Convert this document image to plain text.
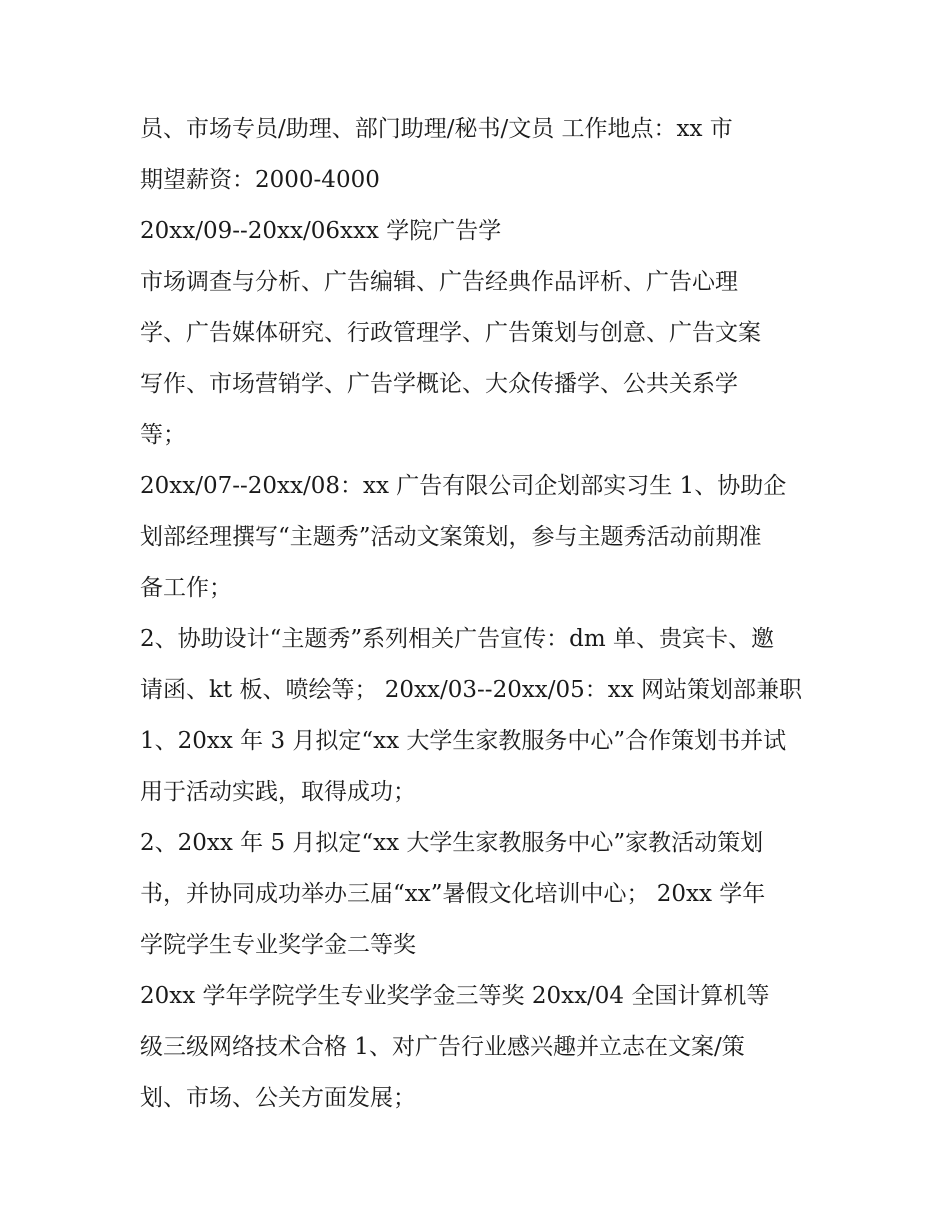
员、市场专员/助理、部门助理/秘书/文员 工作地点：xx 市
期望薪资：2000-4000
20xx/09--20xx/06xxx 学院广告学
市场调查与分析、广告编辑、广告经典作品评析、广告心理
学、广告媒体研究、行政管理学、广告策划与创意、广告文案
写作、市场营销学、广告学概论、大众传播学、公共关系学
等；
20xx/07--20xx/08：xx 广告有限公司企划部实习生 1、协助企
划部经理撰写“主题秀”活动文案策划，参与主题秀活动前期准
备工作；
2、协助设计“主题秀”系列相关广告宣传：dm 单、贵宾卡、邀
请函、kt 板、喷绘等； 20xx/03--20xx/05：xx 网站策划部兼职
1、20xx 年 3 月拟定“xx 大学生家教服务中心”合作策划书并试
用于活动实践，取得成功；
2、20xx 年 5 月拟定“xx 大学生家教服务中心”家教活动策划
书，并协同成功举办三届“xx”暑假文化培训中心； 20xx 学年
学院学生专业奖学金二等奖
20xx 学年学院学生专业奖学金三等奖 20xx/04 全国计算机等
级三级网络技术合格 1、对广告行业感兴趣并立志在文案/策
划、市场、公关方面发展；
